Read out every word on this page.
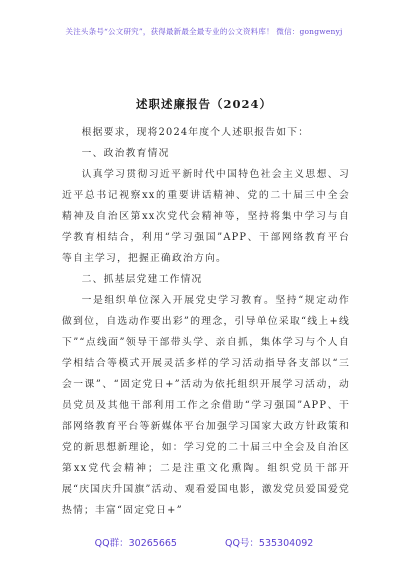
关注头条号“公文研究”，获得最新最全最专业的公文资料库！ 微信：gongwenyj
述职述廉报告（2024）

根据要求，现将2024年度个人述职报告如下：

一、政治教育情况

认真学习贯彻习近平新时代中国特色社会主义思想、习近平总书记视察xx的重要讲话精神、党的二十届三中全会精神及自治区第xx次党代会精神等，坚持将集中学习与自学教育相结合，利用“学习强国”APP、干部网络教育平台等自主学习，把握正确政治方向。

二、抓基层党建工作情况

一是组织单位深入开展党史学习教育。坚持“规定动作做到位，自选动作要出彩”的理念，引导单位采取“线上+线下”“点线面”领导干部带头学、亲自抓，集体学习与个人自学相结合等模式开展灵活多样的学习活动指导各支部以“三会一课”、“固定党日+”活动为依托组织开展学习活动，动员党员及其他干部利用工作之余借助“学习强国”APP、干部网络教育平台等新媒体平台加强学习国家大政方针政策和党的新思想新理论，如：学习党的二十届三中全会及自治区第xx党代会精神；二是注重文化熏陶。组织党员干部开展“庆国庆升国旗”活动、观看爱国电影，激发党员爱国爱党热情；丰富“固定党日+”

QQ群：30265665	QQ号：535304092
